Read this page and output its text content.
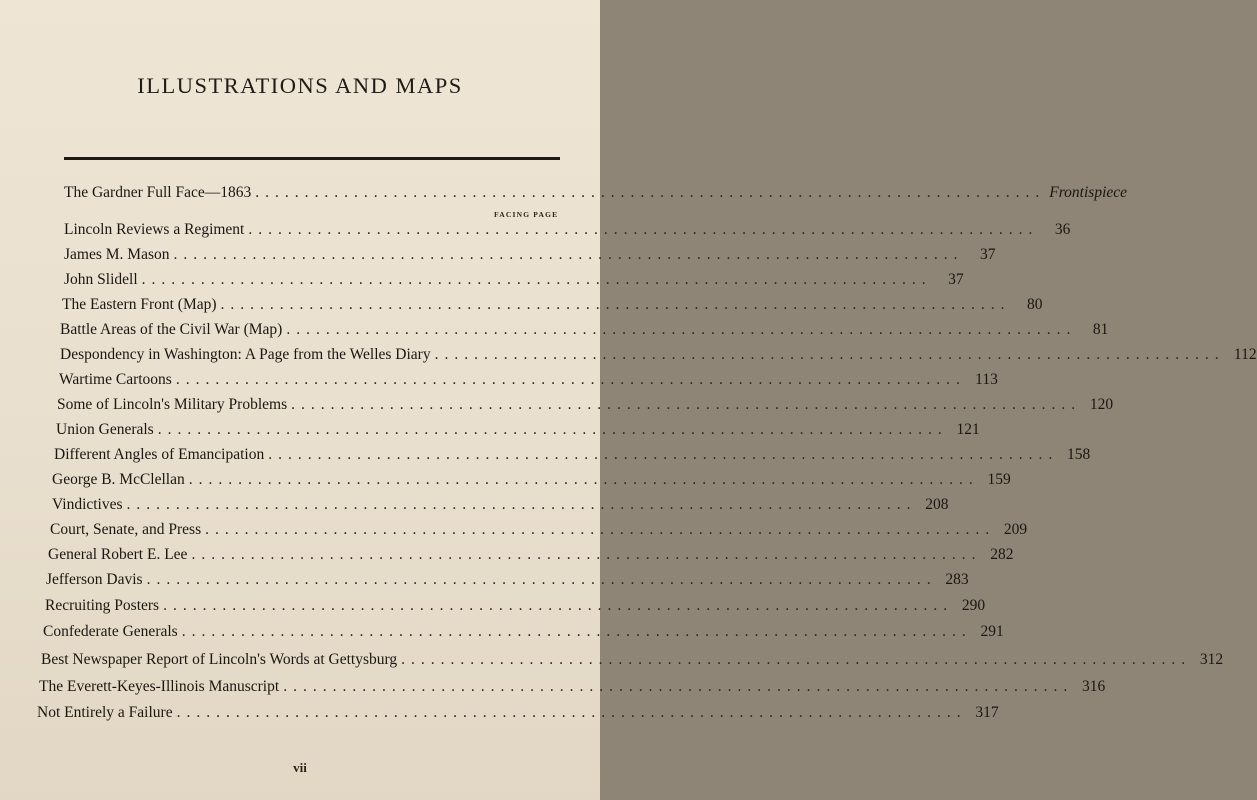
ILLUSTRATIONS AND MAPS
FACING PAGE
The Gardner Full Face—1863 ................................................................................ Frontispiece
Lincoln Reviews a Regiment ................................................................................	36
James M. Mason ................................................................................	37
John Slidell ................................................................................	37
The Eastern Front (Map) ................................................................................	80
Battle Areas of the Civil War (Map) ................................................................................	81
Despondency in Washington: A Page from the Welles Diary ................................................................................ 112
Wartime Cartoons ................................................................................ 113
Some of Lincoln's Military Problems ................................................................................ 120
Union Generals ................................................................................ 121
Different Angles of Emancipation ................................................................................ 158
George B. McClellan ................................................................................ 159
Vindictives ................................................................................ 208
Court, Senate, and Press ................................................................................ 209
General Robert E. Lee ................................................................................ 282
Jefferson Davis ................................................................................ 283
Recruiting Posters ................................................................................ 290
Confederate Generals ................................................................................ 291
Best Newspaper Report of Lincoln's Words at Gettysburg ................................................................................ 312
The Everett-Keyes-Illinois Manuscript ................................................................................ 316
Not Entirely a Failure ................................................................................ 317
vii
